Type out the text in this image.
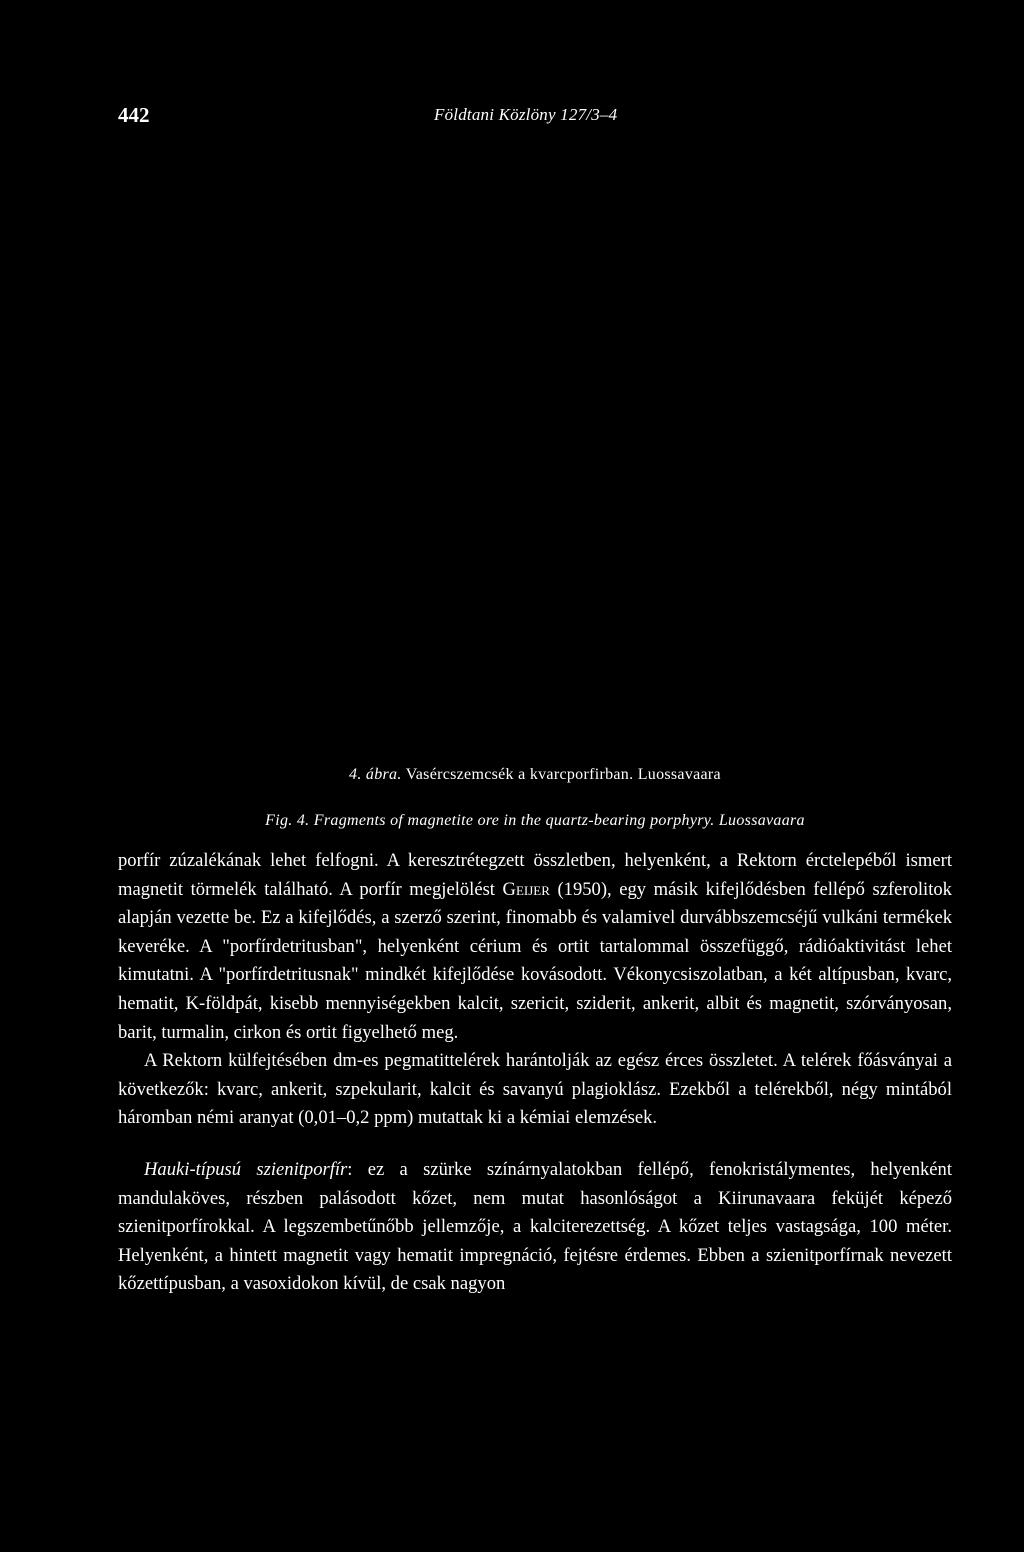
442	Földtani Közlöny 127/3–4
4. ábra. Vasércszemcsék a kvarcporfirban. Luossavaara
Fig. 4. Fragments of magnetite ore in the quartz-bearing porphyry. Luossavaara

porfír zúzalékának lehet felfogni. A keresztrétegzett összletben, helyenként, a Rektorn érctelepéből ismert magnetit törmelék található. A porfír megjelölést Geijer (1950), egy másik kifejlődésben fellépő szferolitok alapján vezette be. Ez a kifejlődés, a szerző szerint, finomabb és valamivel durvábbszemcséjű vulkáni termékek keveréke. A "porfírdetritusban", helyenként cérium és ortit tartalommal összefüggő, rádióaktivitást lehet kimutatni. A "porfírdetritusnak" mindkét kifejlődése kovásodott. Vékonycsiszolatban, a két altípusban, kvarc, hematit, K-földpát, kisebb mennyiségekben kalcit, szericit, sziderit, ankerit, albit és magnetit, szórványosan, barit, turmalin, cirkon és ortit figyelhető meg.

A Rektorn külfejtésében dm-es pegmatittelérek harántolják az egész érces összletet. A telérek főásványai a következők: kvarc, ankerit, szpekularit, kalcit és savanyú plagioklász. Ezekből a telérekből, négy mintából háromban némi aranyat (0,01–0,2 ppm) mutattak ki a kémiai elemzések.

Hauki-típusú szienitporfír: ez a szürke színárnyalatokban fellépő, fenokristálymentes, helyenként mandulaköves, részben palásodott kőzet, nem mutat hasonlóságot a Kiirunavaara feküjét képező szienitporfírokkal. A legszembetűnőbb jellemzője, a kalciterezettség. A kőzet teljes vastagsága, 100 méter. Helyenként, a hintett magnetit vagy hematit impregnáció, fejtésre érdemes. Ebben a szienitporfírnak nevezett kőzettípusban, a vasoxidokon kívül, de csak nagyon
